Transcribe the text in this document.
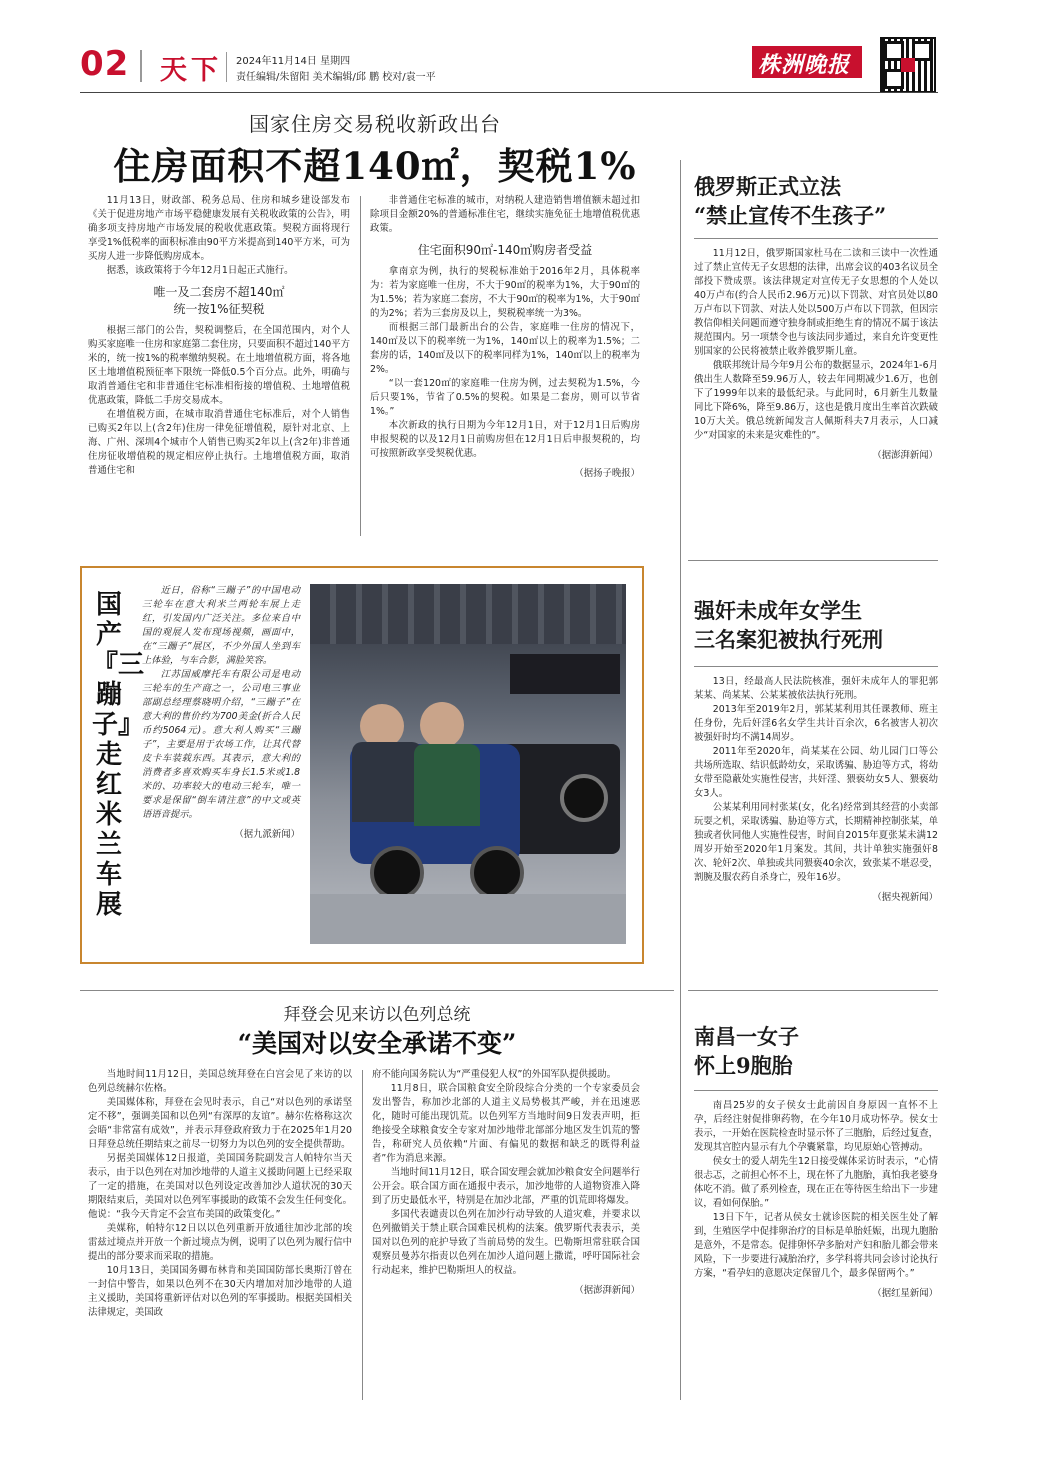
02 天下 2024年11月14日 星期四
责任编辑/朱留阳 美术编辑/邱 鹏 校对/袁一平	株洲晚报
国家住房交易税收新政出台
住房面积不超140㎡，契税1%

11月13日，财政部、税务总局、住房和城乡建设部发布《关于促进房地产市场平稳健康发展有关税收政策的公告》，明确多项支持房地产市场发展的税收优惠政策。契税方面将现行享受1%低税率的面积标准由90平方米提高到140平方米，可为买房人进一步降低购房成本。

据悉，该政策将于今年12月1日起正式施行。

唯一及二套房不超140㎡
统一按1%征契税

根据三部门的公告，契税调整后，在全国范围内，对个人购买家庭唯一住房和家庭第二套住房，只要面积不超过140平方米的，统一按1%的税率缴纳契税。在土地增值税方面，将各地区土地增值税预征率下限统一降低0.5个百分点。此外，明确与取消普通住宅和非普通住宅标准相衔接的增值税、土地增值税优惠政策，降低二手房交易成本。

在增值税方面，在城市取消普通住宅标准后，对个人销售已购买2年以上(含2年)住房一律免征增值税，原针对北京、上海、广州、深圳4个城市个人销售已购买2年以上(含2年)非普通住房征收增值税的规定相应停止执行。土地增值税方面，取消普通住宅和

非普通住宅标准的城市，对纳税人建造销售增值额未超过扣除项目金额20%的普通标准住宅，继续实施免征土地增值税优惠政策。

住宅面积90㎡-140㎡购房者受益

拿南京为例，执行的契税标准始于2016年2月，具体税率为：若为家庭唯一住房，不大于90㎡的税率为1%，大于90㎡的为1.5%；若为家庭二套房，不大于90㎡的税率为1%，大于90㎡的为2%；若为三套房及以上，契税税率统一为3%。

而根据三部门最新出台的公告，家庭唯一住房的情况下，140㎡及以下的税率统一为1%，140㎡以上的税率为1.5%；二套房的话，140㎡及以下的税率同样为1%，140㎡以上的税率为2%。

“以一套120㎡的家庭唯一住房为例，过去契税为1.5%，今后只要1%，节省了0.5%的契税。如果是二套房，则可以节省1%。”

本次新政的执行日期为今年12月1日，对于12月1日后购房申报契税的以及12月1日前购房但在12月1日后申报契税的，均可按照新政享受契税优惠。

（据扬子晚报）
俄罗斯正式立法
“禁止宣传不生孩子”

11月12日，俄罗斯国家杜马在二读和三读中一次性通过了禁止宣传无子女思想的法律，出席会议的403名议员全部投下赞成票。该法律规定对宣传无子女思想的个人处以40万卢布(约合人民币2.96万元)以下罚款、对官员处以80万卢布以下罚款、对法人处以500万卢布以下罚款，但因宗教信仰相关问题而遵守独身制或拒绝生育的情况不属于该法规范围内。另一项禁令也与该法同步通过，来自允许变更性别国家的公民将被禁止收养俄罗斯儿童。

俄联邦统计局今年9月公布的数据显示，2024年1-6月俄出生人数降至59.96万人，较去年同期减少1.6万，也创下了1999年以来的最低纪录。与此同时，6月新生儿数量同比下降6%，降至9.86万，这也是俄月度出生率首次跌破10万大关。俄总统新闻发言人佩斯科夫7月表示，人口减少“对国家的未来是灾难性的”。

（据澎湃新闻）
国产『三蹦子』走红米兰车展

近日，俗称“三蹦子”的中国电动三轮车在意大利米兰两轮车展上走红，引发国内广泛关注。多位来自中国的观展人发布现场视频，画面中，在“三蹦子”展区，不少外国人坐到车上体验，与车合影，满脸笑容。

江苏国威摩托车有限公司是电动三轮车的生产商之一，公司电三事业部副总经理蔡晓明介绍，“三蹦子”在意大利的售价约为700美金(折合人民币约5064元)。意大利人购买“三蹦子”，主要是用于农场工作，让其代替皮卡车装载东西。其表示，意大利的消费者多喜欢购买车身长1.5米或1.8米的、功率较大的电动三轮车，唯一要求是保留“倒车请注意”的中文或英语语音提示。

（据九派新闻）
强奸未成年女学生
三名案犯被执行死刑

13日，经最高人民法院核准，强奸未成年人的罪犯郭某某、尚某某、公某某被依法执行死刑。

2013年至2019年2月，郭某某利用其任课教师、班主任身份，先后奸淫6名女学生共计百余次，6名被害人初次被强奸时均不满14周岁。

2011年至2020年，尚某某在公园、幼儿园门口等公共场所选取、结识低龄幼女，采取诱骗、胁迫等方式，将幼女带至隐蔽处实施性侵害，共奸淫、猥亵幼女5人、猥亵幼女3人。

公某某利用同村张某(女，化名)经常到其经营的小卖部玩耍之机，采取诱骗、胁迫等方式，长期精神控制张某，单独或者伙同他人实施性侵害，时间自2015年夏张某未满12周岁开始至2020年1月案发。其间，共计单独实施强奸8次、轮奸2次、单独或共同猥亵40余次，致张某不堪忍受，割腕及服农药自杀身亡，殁年16岁。

（据央视新闻）
拜登会见来访以色列总统
“美国对以安全承诺不变”

当地时间11月12日，美国总统拜登在白宫会见了来访的以色列总统赫尔佐格。

美国媒体称，拜登在会见时表示，自己“对以色列的承诺坚定不移”，强调美国和以色列“有深厚的友谊”。赫尔佐格称这次会晤“非常富有成效”，并表示拜登政府致力于在2025年1月20日拜登总统任期结束之前尽一切努力为以色列的安全提供帮助。

另据美国媒体12日报道，美国国务院副发言人帕特尔当天表示，由于以色列在对加沙地带的人道主义援助问题上已经采取了一定的措施，在美国对以色列设定改善加沙人道状况的30天期限结束后，美国对以色列军事援助的政策不会发生任何变化。他说：“我今天肯定不会宣布美国的政策变化。”

美媒称，帕特尔12日以以色列重新开放通往加沙北部的埃雷兹过境点并开放一个新过境点为例，说明了以色列为履行信中提出的部分要求而采取的措施。

10月13日，美国国务卿布林肯和美国国防部长奥斯汀曾在一封信中警告，如果以色列不在30天内增加对加沙地带的人道主义援助，美国将重新评估对以色列的军事援助。根据美国相关法律规定，美国政

府不能向国务院认为“严重侵犯人权”的外国军队提供援助。

11月8日，联合国粮食安全阶段综合分类的一个专家委员会发出警告，称加沙北部的人道主义局势极其严峻，并在迅速恶化，随时可能出现饥荒。以色列军方当地时间9日发表声明，拒绝接受全球粮食安全专家对加沙地带北部部分地区发生饥荒的警告，称研究人员依赖“片面、有偏见的数据和缺乏的既得利益者”作为消息来源。

当地时间11月12日，联合国安理会就加沙粮食安全问题举行公开会。联合国方面在通报中表示，加沙地带的人道物资准入降到了历史最低水平，特别是在加沙北部，严重的饥荒即将爆发。

多国代表谴责以色列在加沙行动导致的人道灾难，并要求以色列撤销关于禁止联合国难民机构的法案。俄罗斯代表表示，美国对以色列的庇护导致了当前局势的发生。巴勒斯坦常驻联合国观察员曼苏尔指责以色列在加沙人道问题上撒谎，呼吁国际社会行动起来，维护巴勒斯坦人的权益。

（据澎湃新闻）
南昌一女子
怀上9胞胎

南昌25岁的女子侯女士此前因自身原因一直怀不上孕，后经注射促排卵药物，在今年10月成功怀孕。侯女士表示，一开始在医院检查时显示怀了三胞胎，后经过复查，发现其宫腔内显示有九个孕囊紧靠，均见原始心管搏动。

侯女士的爱人胡先生12日接受媒体采访时表示，“心情很忐忑，之前担心怀不上，现在怀了九胞胎，真怕我老婆身体吃不消。做了系列检查，现在正在等待医生给出下一步建议，看如何保胎。”

13日下午，记者从侯女士就诊医院的相关医生处了解到，生殖医学中促排卵治疗的目标是单胎妊娠，出现九胞胎是意外，不是常态。促排卵怀孕多胎对产妇和胎儿都会带来风险，下一步要进行减胎治疗，多学科将共同会诊讨论执行方案，“看孕妇的意愿决定保留几个，最多保留两个。”

（据红星新闻）
